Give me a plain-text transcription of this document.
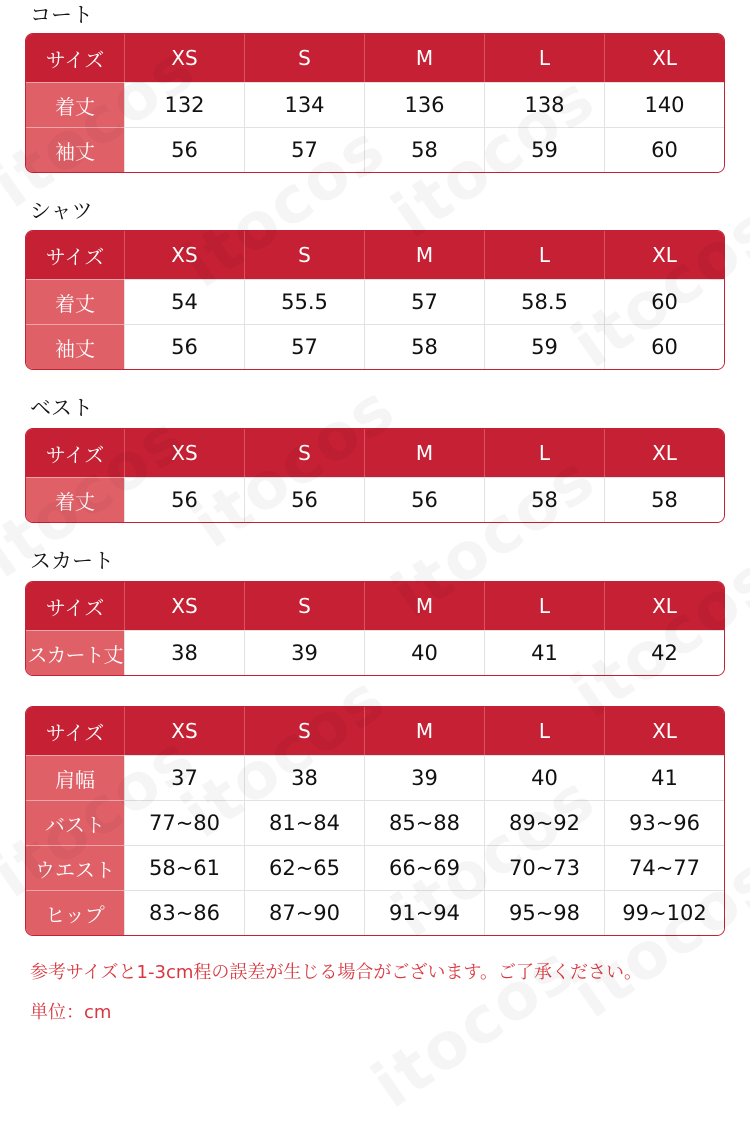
コート
サイズ	XS	S	M	L	XL
着丈	132	134	136	138	140
袖丈	56	57	58	59	60
シャツ
サイズ	XS	S	M	L	XL
着丈	54	55.5	57	58.5	60
袖丈	56	57	58	59	60
ベスト
サイズ	XS	S	M	L	XL
着丈	56	56	56	58	58
スカート
サイズ	XS	S	M	L	XL
スカート丈	38	39	40	41	42
サイズ	XS	S	M	L	XL
肩幅	37	38	39	40	41
バスト	77~80	81~84	85~88	89~92	93~96
ウエスト	58~61	62~65	66~69	70~73	74~77
ヒップ	83~86	87~90	91~94	95~98	99~102
参考サイズと1-3cm程の誤差が生じる場合がございます。ご了承ください。
単位：cm
